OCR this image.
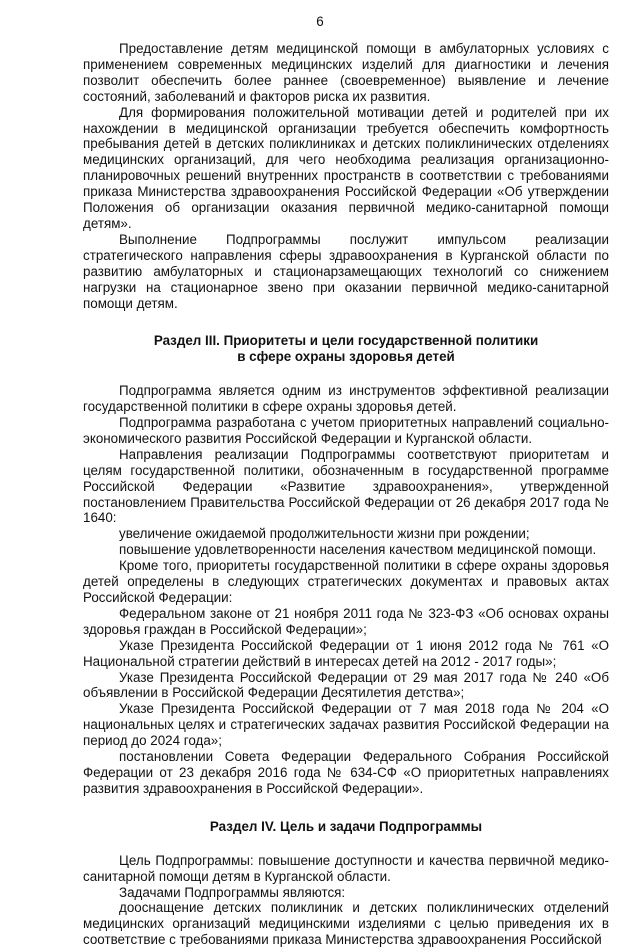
6

Предоставление детям медицинской помощи в амбулаторных условиях с применением современных медицинских изделий для диагностики и лечения позволит обеспечить более раннее (своевременное) выявление и лечение состояний, заболеваний и факторов риска их развития.

Для формирования положительной мотивации детей и родителей при их нахождении в медицинской организации требуется обеспечить комфортность пребывания детей в детских поликлиниках и детских поликлинических отделениях медицинских организаций, для чего необходима реализация организационно-планировочных решений внутренних пространств в соответствии с требованиями приказа Министерства здравоохранения Российской Федерации «Об утверждении Положения об организации оказания первичной медико-санитарной помощи детям».

Выполнение Подпрограммы послужит импульсом реализации стратегического направления сферы здравоохранения в Курганской области по развитию амбулаторных и стационарзамещающих технологий со снижением нагрузки на стационарное звено при оказании первичной медико-санитарной помощи детям.

Раздел III. Приоритеты и цели государственной политики
в сфере охраны здоровья детей

Подпрограмма является одним из инструментов эффективной реализации государственной политики в сфере охраны здоровья детей.

Подпрограмма разработана с учетом приоритетных направлений социально-экономического развития Российской Федерации и Курганской области.

Направления реализации Подпрограммы соответствуют приоритетам и целям государственной политики, обозначенным в государственной программе Российской Федерации «Развитие здравоохранения», утвержденной постановлением Правительства Российской Федерации от 26 декабря 2017 года № 1640:

увеличение ожидаемой продолжительности жизни при рождении;

повышение удовлетворенности населения качеством медицинской помощи.

Кроме того, приоритеты государственной политики в сфере охраны здоровья детей определены в следующих стратегических документах и правовых актах Российской Федерации:

Федеральном законе от 21 ноября 2011 года № 323-ФЗ «Об основах охраны здоровья граждан в Российской Федерации»;

Указе Президента Российской Федерации от 1 июня 2012 года № 761 «О Национальной стратегии действий в интересах детей на 2012 - 2017 годы»;

Указе Президента Российской Федерации от 29 мая 2017 года № 240 «Об объявлении в Российской Федерации Десятилетия детства»;

Указе Президента Российской Федерации от 7 мая 2018 года № 204 «О национальных целях и стратегических задачах развития Российской Федерации на период до 2024 года»;

постановлении Совета Федерации Федерального Собрания Российской Федерации от 23 декабря 2016 года № 634-СФ «О приоритетных направлениях развития здравоохранения в Российской Федерации».

Раздел IV. Цель и задачи Подпрограммы

Цель Подпрограммы: повышение доступности и качества первичной медико-санитарной помощи детям в Курганской области.

Задачами Подпрограммы являются:

дооснащение детских поликлиник и детских поликлинических отделений медицинских организаций медицинскими изделиями с целью приведения их в соответствие с требованиями приказа Министерства здравоохранения Российской
